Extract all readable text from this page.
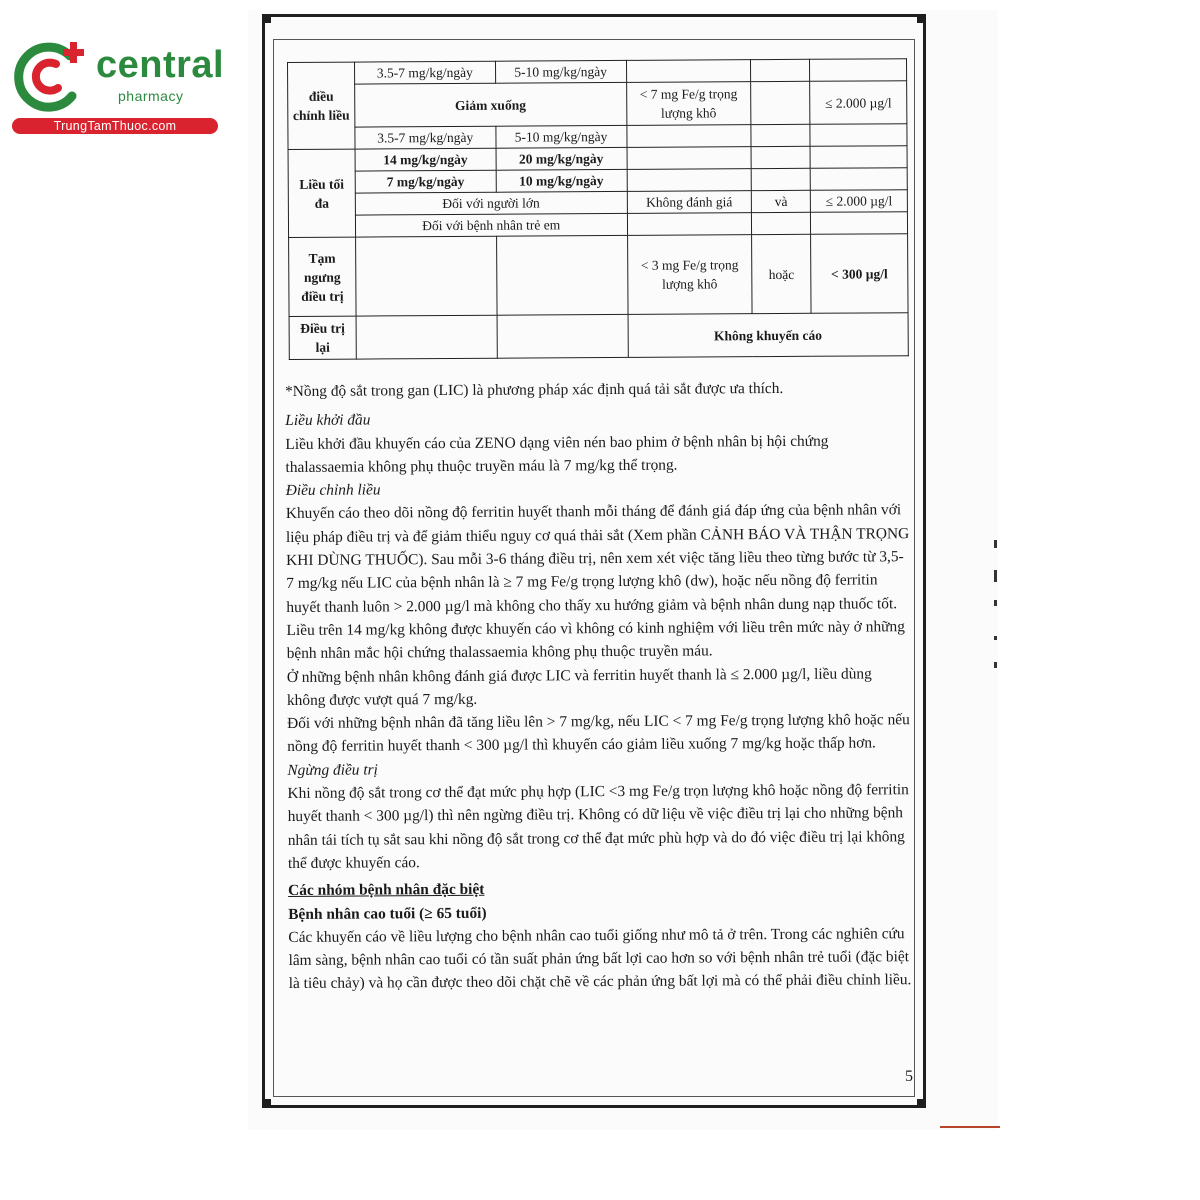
central
pharmacy
TrungTamThuoc.com
điều chỉnh liều	3.5-7 mg/kg/ngày	5-10 mg/kg/ngày			
	Giảm xuống		< 7 mg Fe/g trọng lượng khô		≤ 2.000 µg/l
	3.5-7 mg/kg/ngày	5-10 mg/kg/ngày			
Liều tối đa	14 mg/kg/ngày	20 mg/kg/ngày			
	7 mg/kg/ngày	10 mg/kg/ngày			
	Đối với người lớn		Không đánh giá	và	≤ 2.000 µg/l
	Đối với bệnh nhân trẻ em				
Tạm ngưng điều trị			< 3 mg Fe/g trọng lượng khô	hoặc	< 300 µg/l
Điều trị lại			Không khuyến cáo		

*Nồng độ sắt trong gan (LIC) là phương pháp xác định quá tải sắt được ưa thích.

Liều khởi đầu

Liều khởi đầu khuyến cáo của ZENO dạng viên nén bao phim ở bệnh nhân bị hội chứng thalassaemia không phụ thuộc truyền máu là 7 mg/kg thể trọng.

Điều chỉnh liều

Khuyến cáo theo dõi nồng độ ferritin huyết thanh mỗi tháng để đánh giá đáp ứng của bệnh nhân với liệu pháp điều trị và để giảm thiểu nguy cơ quá thải sắt (Xem phần CẢNH BÁO VÀ THẬN TRỌNG KHI DÙNG THUỐC). Sau mỗi 3-6 tháng điều trị, nên xem xét việc tăng liều theo từng bước từ 3,5-7 mg/kg nếu LIC của bệnh nhân là ≥ 7 mg Fe/g trọng lượng khô (dw), hoặc nếu nồng độ ferritin huyết thanh luôn > 2.000 µg/l mà không cho thấy xu hướng giảm và bệnh nhân dung nạp thuốc tốt. Liều trên 14 mg/kg không được khuyến cáo vì không có kinh nghiệm với liều trên mức này ở những bệnh nhân mắc hội chứng thalassaemia không phụ thuộc truyền máu.

Ở những bệnh nhân không đánh giá được LIC và ferritin huyết thanh là ≤ 2.000 µg/l, liều dùng không được vượt quá 7 mg/kg.

Đối với những bệnh nhân đã tăng liều lên > 7 mg/kg, nếu LIC < 7 mg Fe/g trọng lượng khô hoặc nếu nồng độ ferritin huyết thanh < 300 µg/l thì khuyến cáo giảm liều xuống 7 mg/kg hoặc thấp hơn.

Ngừng điều trị

Khi nồng độ sắt trong cơ thể đạt mức phụ hợp (LIC <3 mg Fe/g trọn lượng khô hoặc nồng độ ferritin huyết thanh < 300 µg/l) thì nên ngừng điều trị. Không có dữ liệu về việc điều trị lại cho những bệnh nhân tái tích tụ sắt sau khi nồng độ sắt trong cơ thể đạt mức phù hợp và do đó việc điều trị lại không thể được khuyến cáo.

Các nhóm bệnh nhân đặc biệt

Bệnh nhân cao tuổi (≥ 65 tuổi)

Các khuyến cáo về liều lượng cho bệnh nhân cao tuổi giống như mô tả ở trên. Trong các nghiên cứu lâm sàng, bệnh nhân cao tuổi có tần suất phản ứng bất lợi cao hơn so với bệnh nhân trẻ tuổi (đặc biệt là tiêu chảy) và họ cần được theo dõi chặt chẽ về các phản ứng bất lợi mà có thể phải điều chỉnh liều.

5
